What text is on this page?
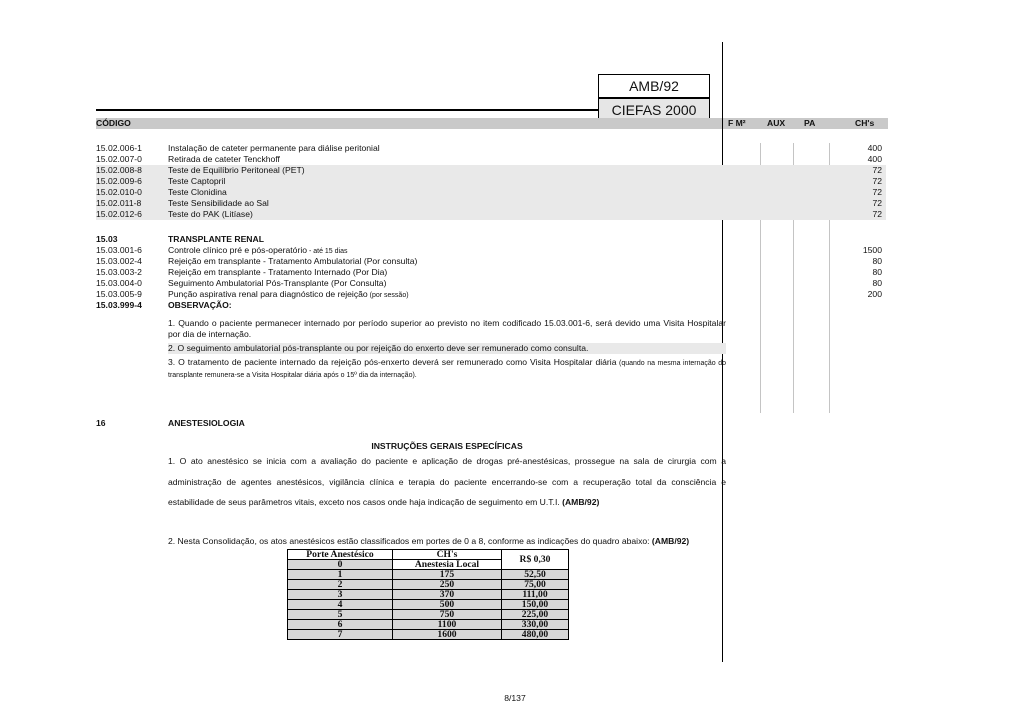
AMB/92
CIEFAS 2000
CÓDIGO	F M² AUX PA	CH's
15.02.006-1	Instalação de cateter permanente para diálise peritonial	400
15.02.007-0	Retirada de cateter Tenckhoff	400
15.02.008-8	Teste de Equilíbrio Peritoneal (PET)	72
15.02.009-6	Teste Captopril	72
15.02.010-0	Teste Clonidina	72
15.02.011-8	Teste Sensibilidade ao Sal	72
15.02.012-6	Teste do PAK (Litíase)	72
15.03	TRANSPLANTE RENAL
15.03.001-6	Controle clínico pré e pós-operatório - até 15 dias	1500
15.03.002-4	Rejeição em transplante - Tratamento Ambulatorial (Por consulta)	80
15.03.003-2	Rejeição em transplante - Tratamento Internado (Por Dia)	80
15.03.004-0	Seguimento Ambulatorial Pós-Transplante (Por Consulta)	80
15.03.005-9	Punção aspirativa renal para diagnóstico de rejeição (por sessão)	200
15.03.999-4	OBSERVAÇÃO:
1. Quando o paciente permanecer internado por período superior ao previsto no item codificado 15.03.001-6, será devido uma Visita Hospitalar por dia de internação.
2. O seguimento ambulatorial pós-transplante ou por rejeição do enxerto deve ser remunerado como consulta.
3. O tratamento de paciente internado da rejeição pós-enxerto deverá ser remunerado como Visita Hospitalar diária (quando na mesma internação do transplante remunera-se a Visita Hospitalar diária após o 15º dia da internação).
16	ANESTESIOLOGIA
INSTRUÇÕES GERAIS ESPECÍFICAS
1. O ato anestésico se inicia com a avaliação do paciente e aplicação de drogas pré-anestésicas, prossegue na sala de cirurgia com a
administração de agentes anestésicos, vigilância clínica e terapia do paciente encerrando-se com a recuperação total da consciência e
estabilidade de seus parâmetros vitais, exceto nos casos onde haja indicação de seguimento em U.T.I. (AMB/92)
2. Nesta Consolidação, os atos anestésicos estão classificados em portes de 0 a 8, conforme as indicações do quadro abaixo: (AMB/92)
Porte Anestésico	CH's	R$ 0,30
0	Anestesia Local	
1	175	52,50
2	250	75,00
3	370	111,00
4	500	150,00
5	750	225,00
6	1100	330,00
7	1600	480,00
8/137
